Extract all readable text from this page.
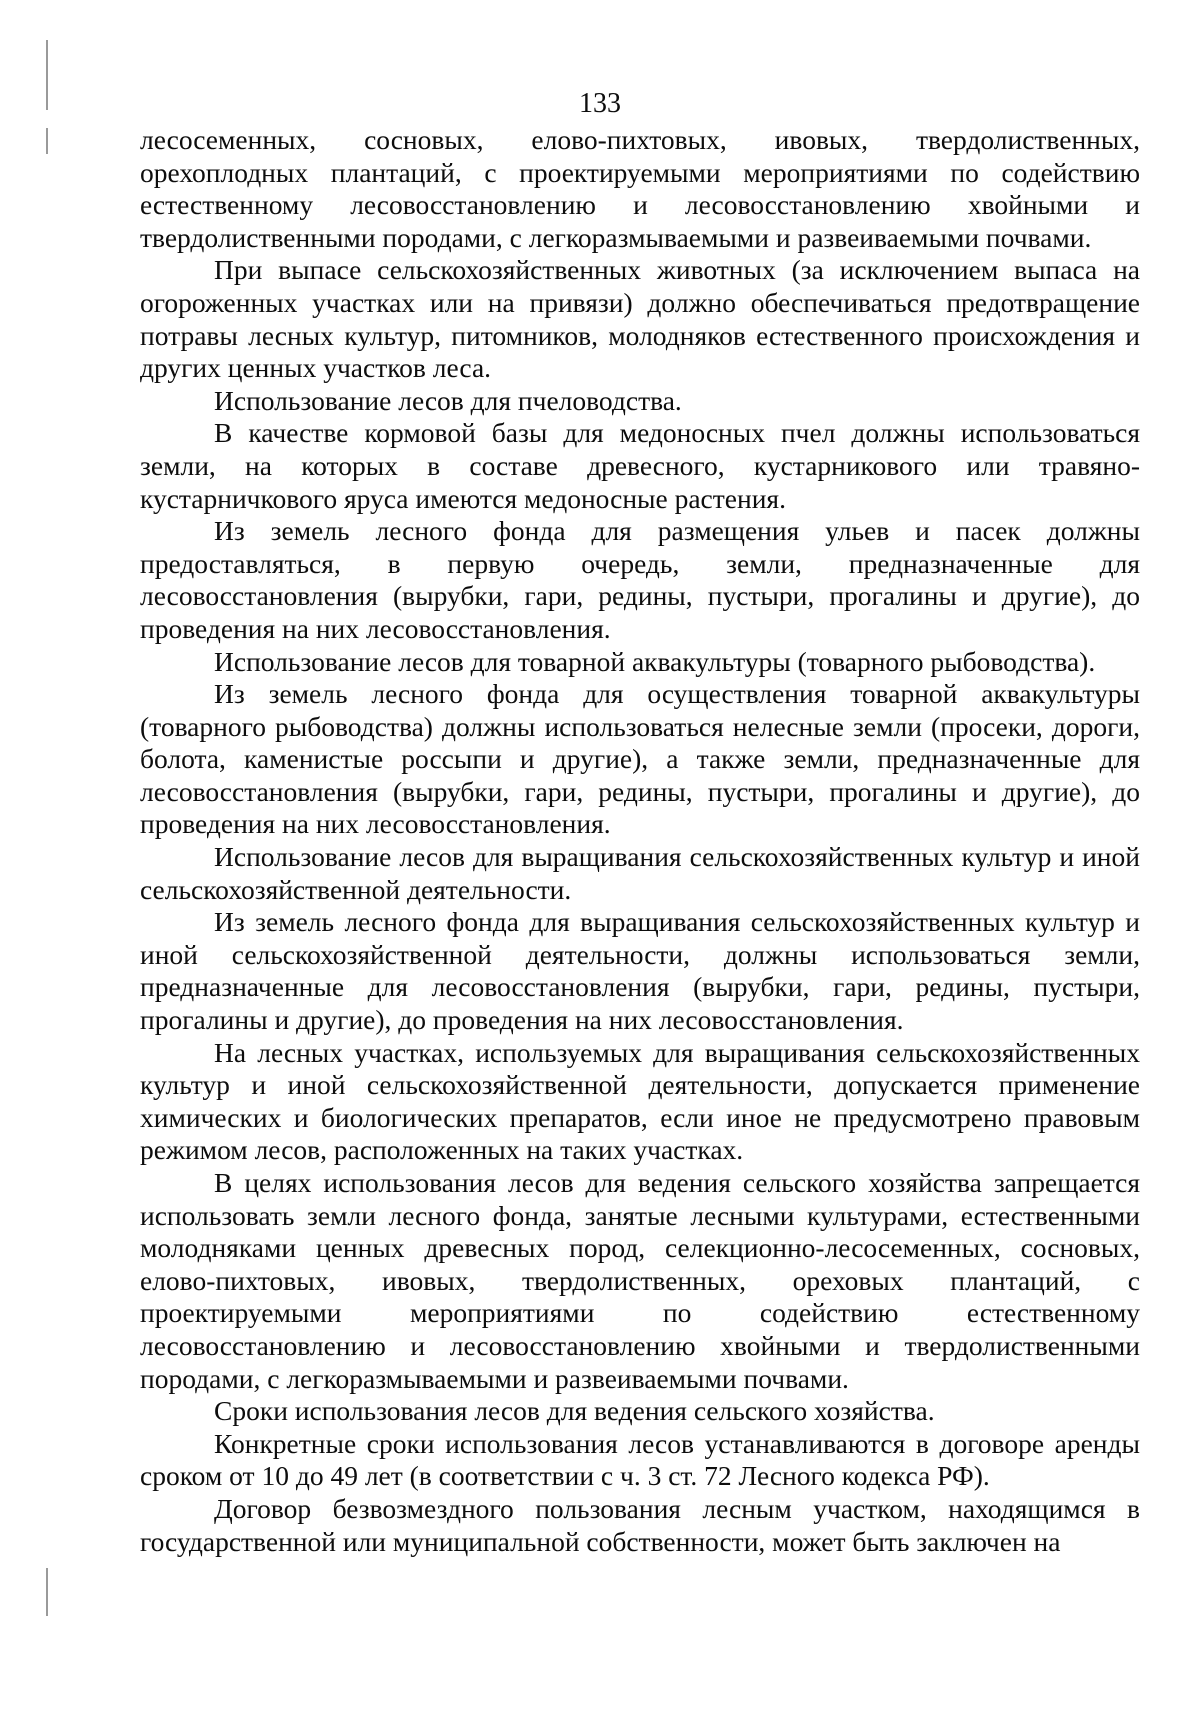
133

лесосеменных, сосновых, елово-пихтовых, ивовых, твердолиственных, орехоплодных плантаций, с проектируемыми мероприятиями по содействию естественному лесовосстановлению и лесовосстановлению хвойными и твердолиственными породами, с легкоразмываемыми и развеиваемыми почвами.

При выпасе сельскохозяйственных животных (за исключением выпаса на огороженных участках или на привязи) должно обеспечиваться предотвращение потравы лесных культур, питомников, молодняков естественного происхождения и других ценных участков леса.

Использование лесов для пчеловодства.

В качестве кормовой базы для медоносных пчел должны использоваться земли, на которых в составе древесного, кустарникового или травяно-кустарничкового яруса имеются медоносные растения.

Из земель лесного фонда для размещения ульев и пасек должны предоставляться, в первую очередь, земли, предназначенные для лесовосстановления (вырубки, гари, редины, пустыри, прогалины и другие), до проведения на них лесовосстановления.

Использование лесов для товарной аквакультуры (товарного рыбоводства).

Из земель лесного фонда для осуществления товарной аквакультуры (товарного рыбоводства) должны использоваться нелесные земли (просеки, дороги, болота, каменистые россыпи и другие), а также земли, предназначенные для лесовосстановления (вырубки, гари, редины, пустыри, прогалины и другие), до проведения на них лесовосстановления.

Использование лесов для выращивания сельскохозяйственных культур и иной сельскохозяйственной деятельности.

Из земель лесного фонда для выращивания сельскохозяйственных культур и иной сельскохозяйственной деятельности, должны использоваться земли, предназначенные для лесовосстановления (вырубки, гари, редины, пустыри, прогалины и другие), до проведения на них лесовосстановления.

На лесных участках, используемых для выращивания сельскохозяйственных культур и иной сельскохозяйственной деятельности, допускается применение химических и биологических препаратов, если иное не предусмотрено правовым режимом лесов, расположенных на таких участках.

В целях использования лесов для ведения сельского хозяйства запрещается использовать земли лесного фонда, занятые лесными культурами, естественными молодняками ценных древесных пород, селекционно-лесосеменных, сосновых, елово-пихтовых, ивовых, твердолиственных, ореховых плантаций, с проектируемыми мероприятиями по содействию естественному лесовосстановлению и лесовосстановлению хвойными и твердолиственными породами, с легкоразмываемыми и развеиваемыми почвами.

Сроки использования лесов для ведения сельского хозяйства.

Конкретные сроки использования лесов устанавливаются в договоре аренды сроком от 10 до 49 лет (в соответствии с ч. 3 ст. 72 Лесного кодекса РФ).

Договор безвозмездного пользования лесным участком, находящимся в государственной или муниципальной собственности, может быть заключен на
